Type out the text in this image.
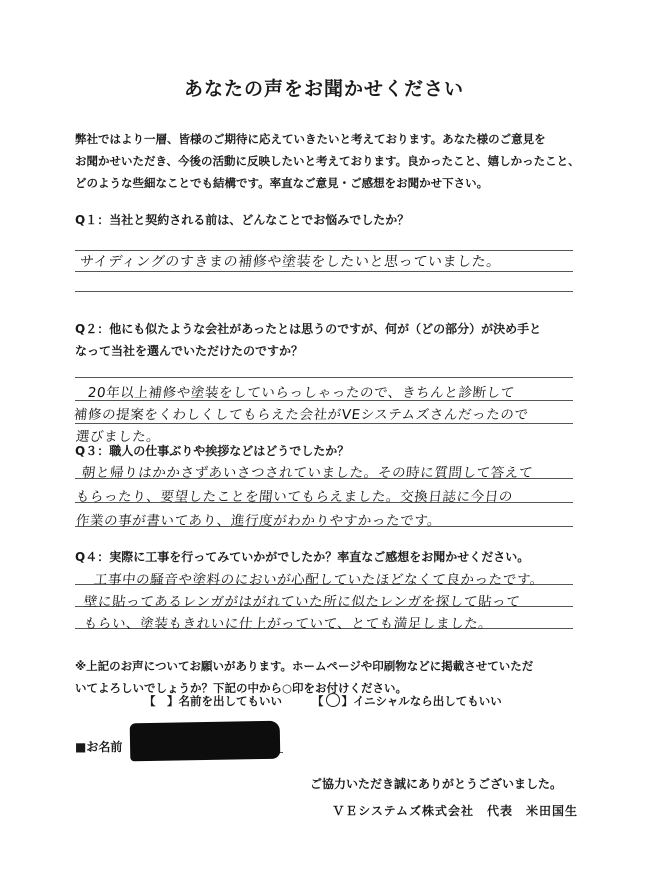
あなたの声をお聞かせください
弊社ではより一層、皆様のご期待に応えていきたいと考えております。あなた様のご意見を
お聞かせいただき、今後の活動に反映したいと考えております。良かったこと、嬉しかったこと、
どのような些細なことでも結構です。率直なご意見・ご感想をお聞かせ下さい。
Q１：当社と契約される前は、どんなことでお悩みでしたか？
サイディングのすきまの補修や塗装をしたいと思っていました。
Q２：他にも似たような会社があったとは思うのですが、何が（どの部分）が決め手と
なって当社を選んでいただけたのですか？
20年以上補修や塗装をしていらっしゃったので、きちんと診断して
補修の提案をくわしくしてもらえた会社がVEシステムズさんだったので
選びました。
Q３：職人の仕事ぶりや挨拶などはどうでしたか？
朝と帰りはかかさずあいさつされていました。その時に質問して答えて
もらったり、要望したことを聞いてもらえました。交換日誌に今日の
作業の事が書いてあり、進行度がわかりやすかったです。
Q４：実際に工事を行ってみていかがでしたか？率直なご感想をお聞かせください。
工事中の騒音や塗料のにおいが心配していたほどなくて良かったです。
壁に貼ってあるレンガがはがれていた所に似たレンガを探して貼って
もらい、塗装もきれいに仕上がっていて、とても満足しました。
※上記のお声についてお願いがあります。ホームページや印刷物などに掲載させていただ
いてよろしいでしょうか？下記の中から○印をお付けください。
【　】名前を出してもいい	【 ○ 】イニシャルなら出してもいい
■お名前
ご協力いただき誠にありがとうございました。
ＶＥシステムズ株式会社　代表　米田国生
